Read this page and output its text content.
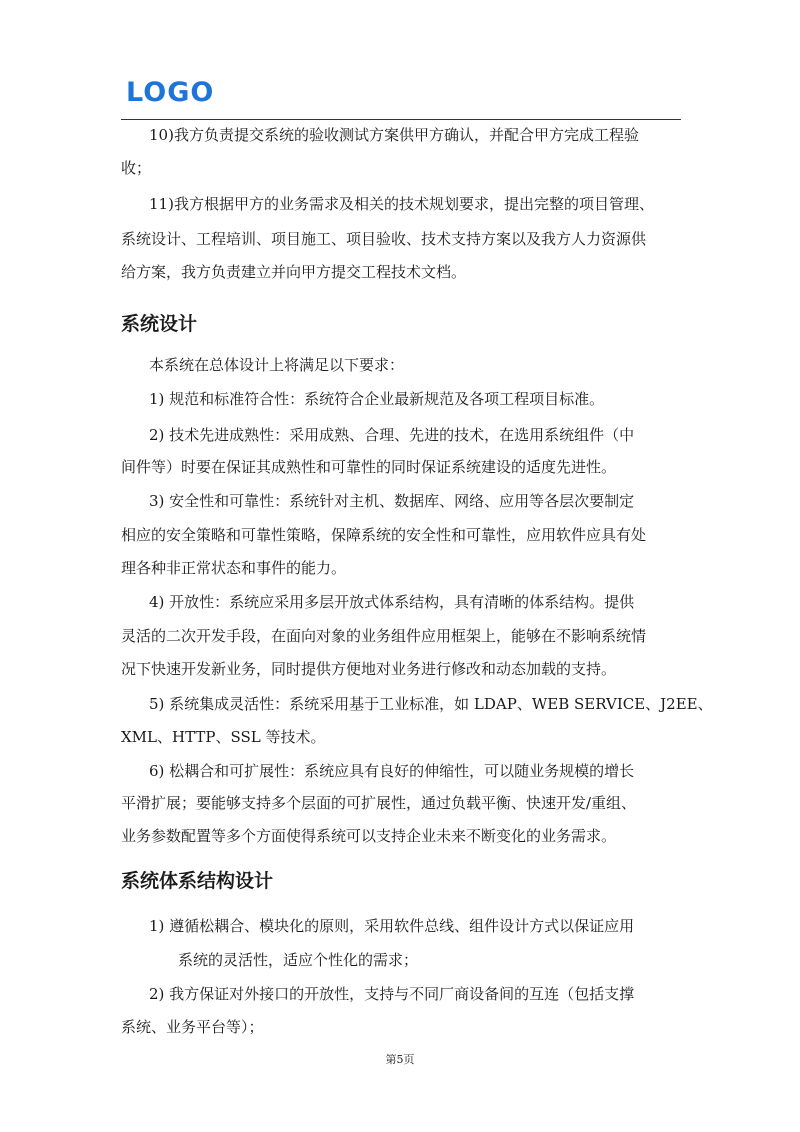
LOGO
10)我方负责提交系统的验收测试方案供甲方确认，并配合甲方完成工程验
收；
11)我方根据甲方的业务需求及相关的技术规划要求，提出完整的项目管理、
系统设计、工程培训、项目施工、项目验收、技术支持方案以及我方人力资源供
给方案，我方负责建立并向甲方提交工程技术文档。
系统设计
本系统在总体设计上将满足以下要求：
1) 规范和标准符合性：系统符合企业最新规范及各项工程项目标准。
2) 技术先进成熟性：采用成熟、合理、先进的技术，在选用系统组件（中
间件等）时要在保证其成熟性和可靠性的同时保证系统建设的适度先进性。
3) 安全性和可靠性：系统针对主机、数据库、网络、应用等各层次要制定
相应的安全策略和可靠性策略，保障系统的安全性和可靠性，应用软件应具有处
理各种非正常状态和事件的能力。
4) 开放性：系统应采用多层开放式体系结构，具有清晰的体系结构。提供
灵活的二次开发手段，在面向对象的业务组件应用框架上，能够在不影响系统情
况下快速开发新业务，同时提供方便地对业务进行修改和动态加载的支持。
5) 系统集成灵活性：系统采用基于工业标准，如 LDAP、WEB SERVICE、J2EE、
XML、HTTP、SSL 等技术。
6) 松耦合和可扩展性：系统应具有良好的伸缩性，可以随业务规模的增长
平滑扩展；要能够支持多个层面的可扩展性，通过负载平衡、快速开发/重组、
业务参数配置等多个方面使得系统可以支持企业未来不断变化的业务需求。
系统体系结构设计
1) 遵循松耦合、模块化的原则，采用软件总线、组件设计方式以保证应用
系统的灵活性，适应个性化的需求；
2) 我方保证对外接口的开放性，支持与不同厂商设备间的互连（包括支撑
系统、业务平台等）；
第5页
